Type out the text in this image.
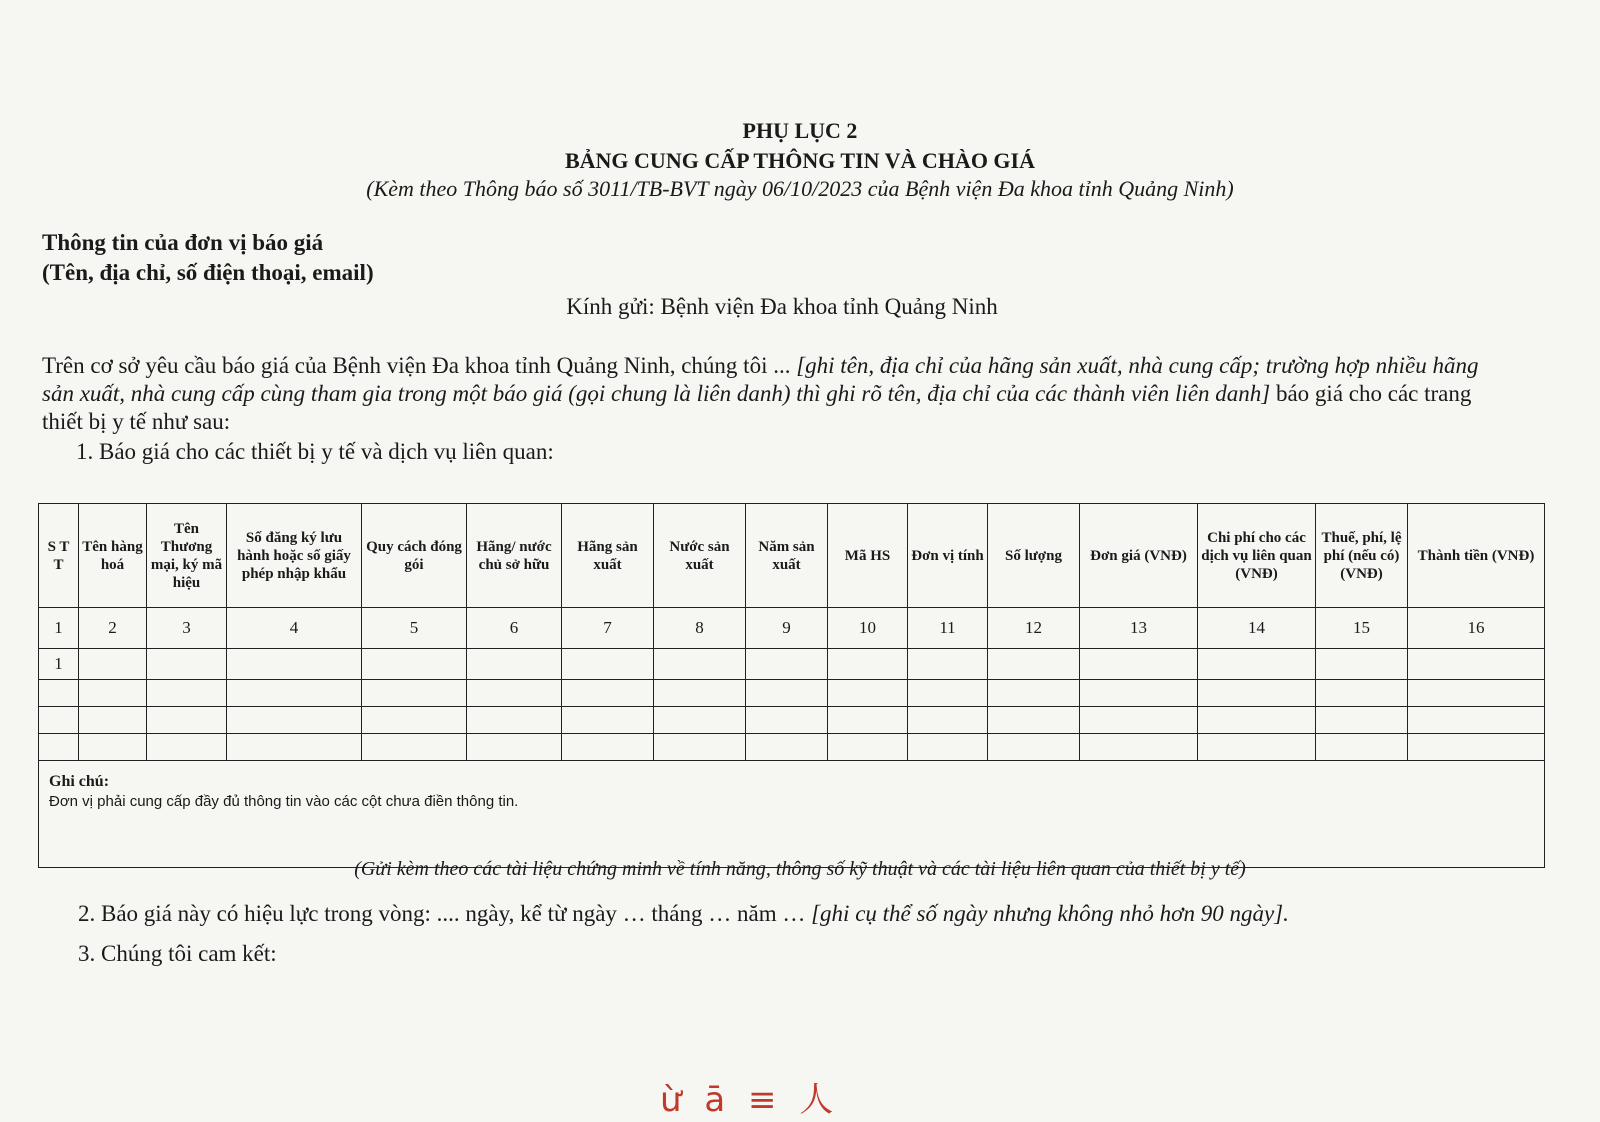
PHỤ LỤC 2
BẢNG CUNG CẤP THÔNG TIN VÀ CHÀO GIÁ
(Kèm theo Thông báo số 3011/TB-BVT ngày 06/10/2023 của Bệnh viện Đa khoa tỉnh Quảng Ninh)
Thông tin của đơn vị báo giá
(Tên, địa chỉ, số điện thoại, email)
Kính gửi: Bệnh viện Đa khoa tỉnh Quảng Ninh
Trên cơ sở yêu cầu báo giá của Bệnh viện Đa khoa tỉnh Quảng Ninh, chúng tôi ... [ghi tên, địa chỉ của hãng sản xuất, nhà cung cấp; trường hợp nhiều hãng sản xuất, nhà cung cấp cùng tham gia trong một báo giá (gọi chung là liên danh) thì ghi rõ tên, địa chỉ của các thành viên liên danh] báo giá cho các trang thiết bị y tế như sau:
1. Báo giá cho các thiết bị y tế và dịch vụ liên quan:
S T T	Tên hàng hoá	Tên Thương mại, ký mã hiệu	Số đăng ký lưu hành hoặc số giấy phép nhập khẩu	Quy cách đóng gói	Hãng/ nước chủ sở hữu	Hãng sản xuất	Nước sản xuất	Năm sản xuất	Mã HS	Đơn vị tính	Số lượng	Đơn giá (VNĐ)	Chi phí cho các dịch vụ liên quan (VNĐ)	Thuế, phí, lệ phí (nếu có) (VNĐ)	Thành tiền (VNĐ)
1	2	3	4	5	6	7	8	9	10	11	12	13	14	15	16
1															

Ghi chú:
Đơn vị phải cung cấp đầy đủ thông tin vào các cột chưa điền thông tin.															
(Gửi kèm theo các tài liệu chứng minh về tính năng, thông số kỹ thuật và các tài liệu liên quan của thiết bị y tế)
2. Báo giá này có hiệu lực trong vòng: .... ngày, kể từ ngày … tháng … năm … [ghi cụ thể số ngày nhưng không nhỏ hơn 90 ngày].
3. Chúng tôi cam kết:
ừ ā ≡ 人
